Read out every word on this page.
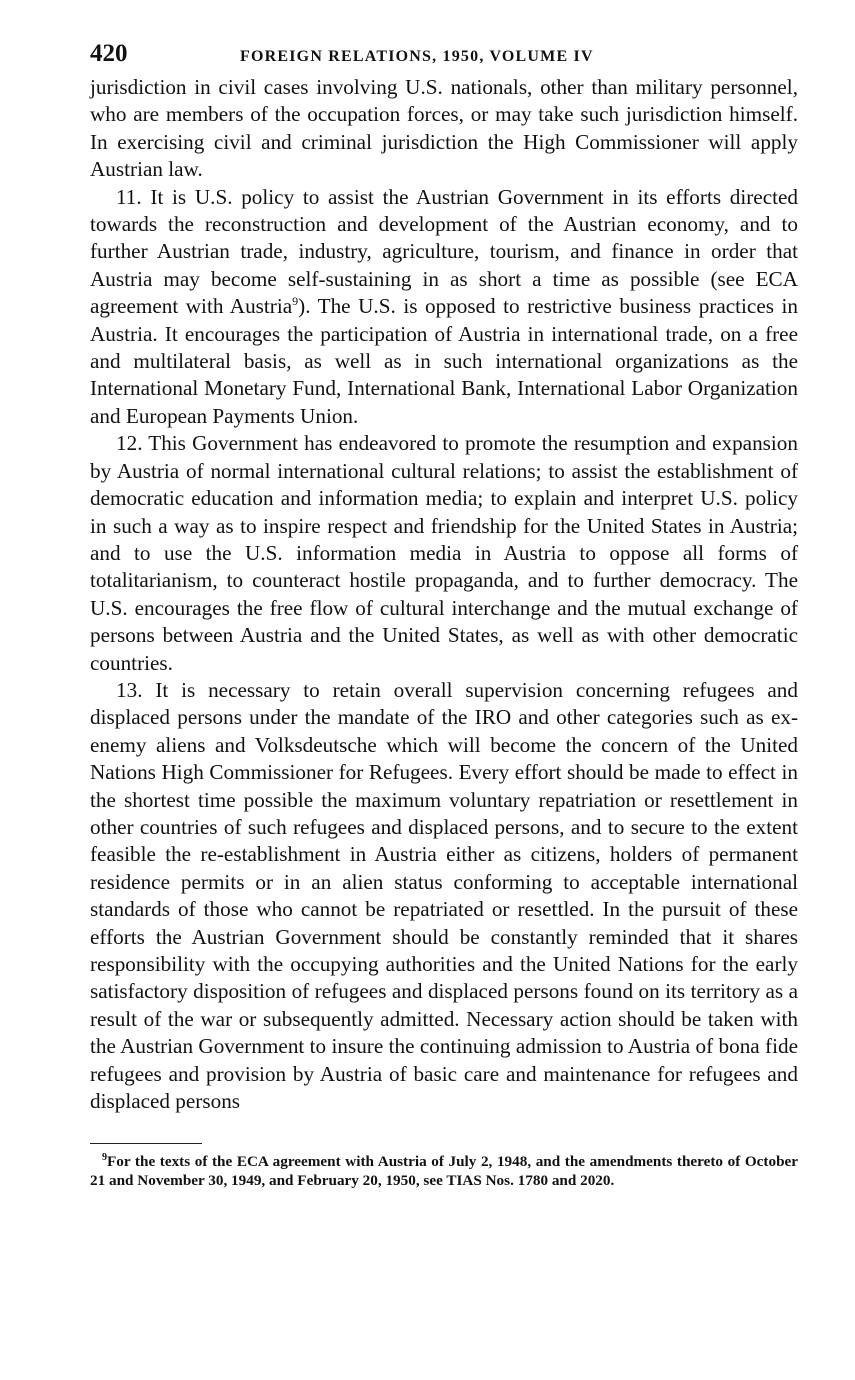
420	FOREIGN RELATIONS, 1950, VOLUME IV

jurisdiction in civil cases involving U.S. nationals, other than military personnel, who are members of the occupation forces, or may take such jurisdiction himself. In exercising civil and criminal jurisdiction the High Commissioner will apply Austrian law.

11. It is U.S. policy to assist the Austrian Government in its efforts directed towards the reconstruction and development of the Austrian economy, and to further Austrian trade, industry, agriculture, tourism, and finance in order that Austria may become self-sustaining in as short a time as possible (see ECA agreement with Austria$^9$). The U.S. is opposed to restrictive business practices in Austria. It encourages the participation of Austria in international trade, on a free and multilateral basis, as well as in such international organizations as the International Monetary Fund, International Bank, International Labor Organization and European Payments Union.

12. This Government has endeavored to promote the resumption and expansion by Austria of normal international cultural relations; to assist the establishment of democratic education and information media; to explain and interpret U.S. policy in such a way as to inspire respect and friendship for the United States in Austria; and to use the U.S. information media in Austria to oppose all forms of totalitarianism, to counteract hostile propaganda, and to further democracy. The U.S. encourages the free flow of cultural interchange and the mutual exchange of persons between Austria and the United States, as well as with other democratic countries.

13. It is necessary to retain overall supervision concerning refugees and displaced persons under the mandate of the IRO and other categories such as ex-enemy aliens and Volksdeutsche which will become the concern of the United Nations High Commissioner for Refugees. Every effort should be made to effect in the shortest time possible the maximum voluntary repatriation or resettlement in other countries of such refugees and displaced persons, and to secure to the extent feasible the re-establishment in Austria either as citizens, holders of permanent residence permits or in an alien status conforming to acceptable international standards of those who cannot be repatriated or resettled. In the pursuit of these efforts the Austrian Government should be constantly reminded that it shares responsibility with the occupying authorities and the United Nations for the early satisfactory disposition of refugees and displaced persons found on its territory as a result of the war or subsequently admitted. Necessary action should be taken with the Austrian Government to insure the continuing admission to Austria of bona fide refugees and provision by Austria of basic care and maintenance for refugees and displaced persons

$^9$For the texts of the ECA agreement with Austria of July 2, 1948, and the amendments thereto of October 21 and November 30, 1949, and February 20, 1950, see TIAS Nos. 1780 and 2020.
